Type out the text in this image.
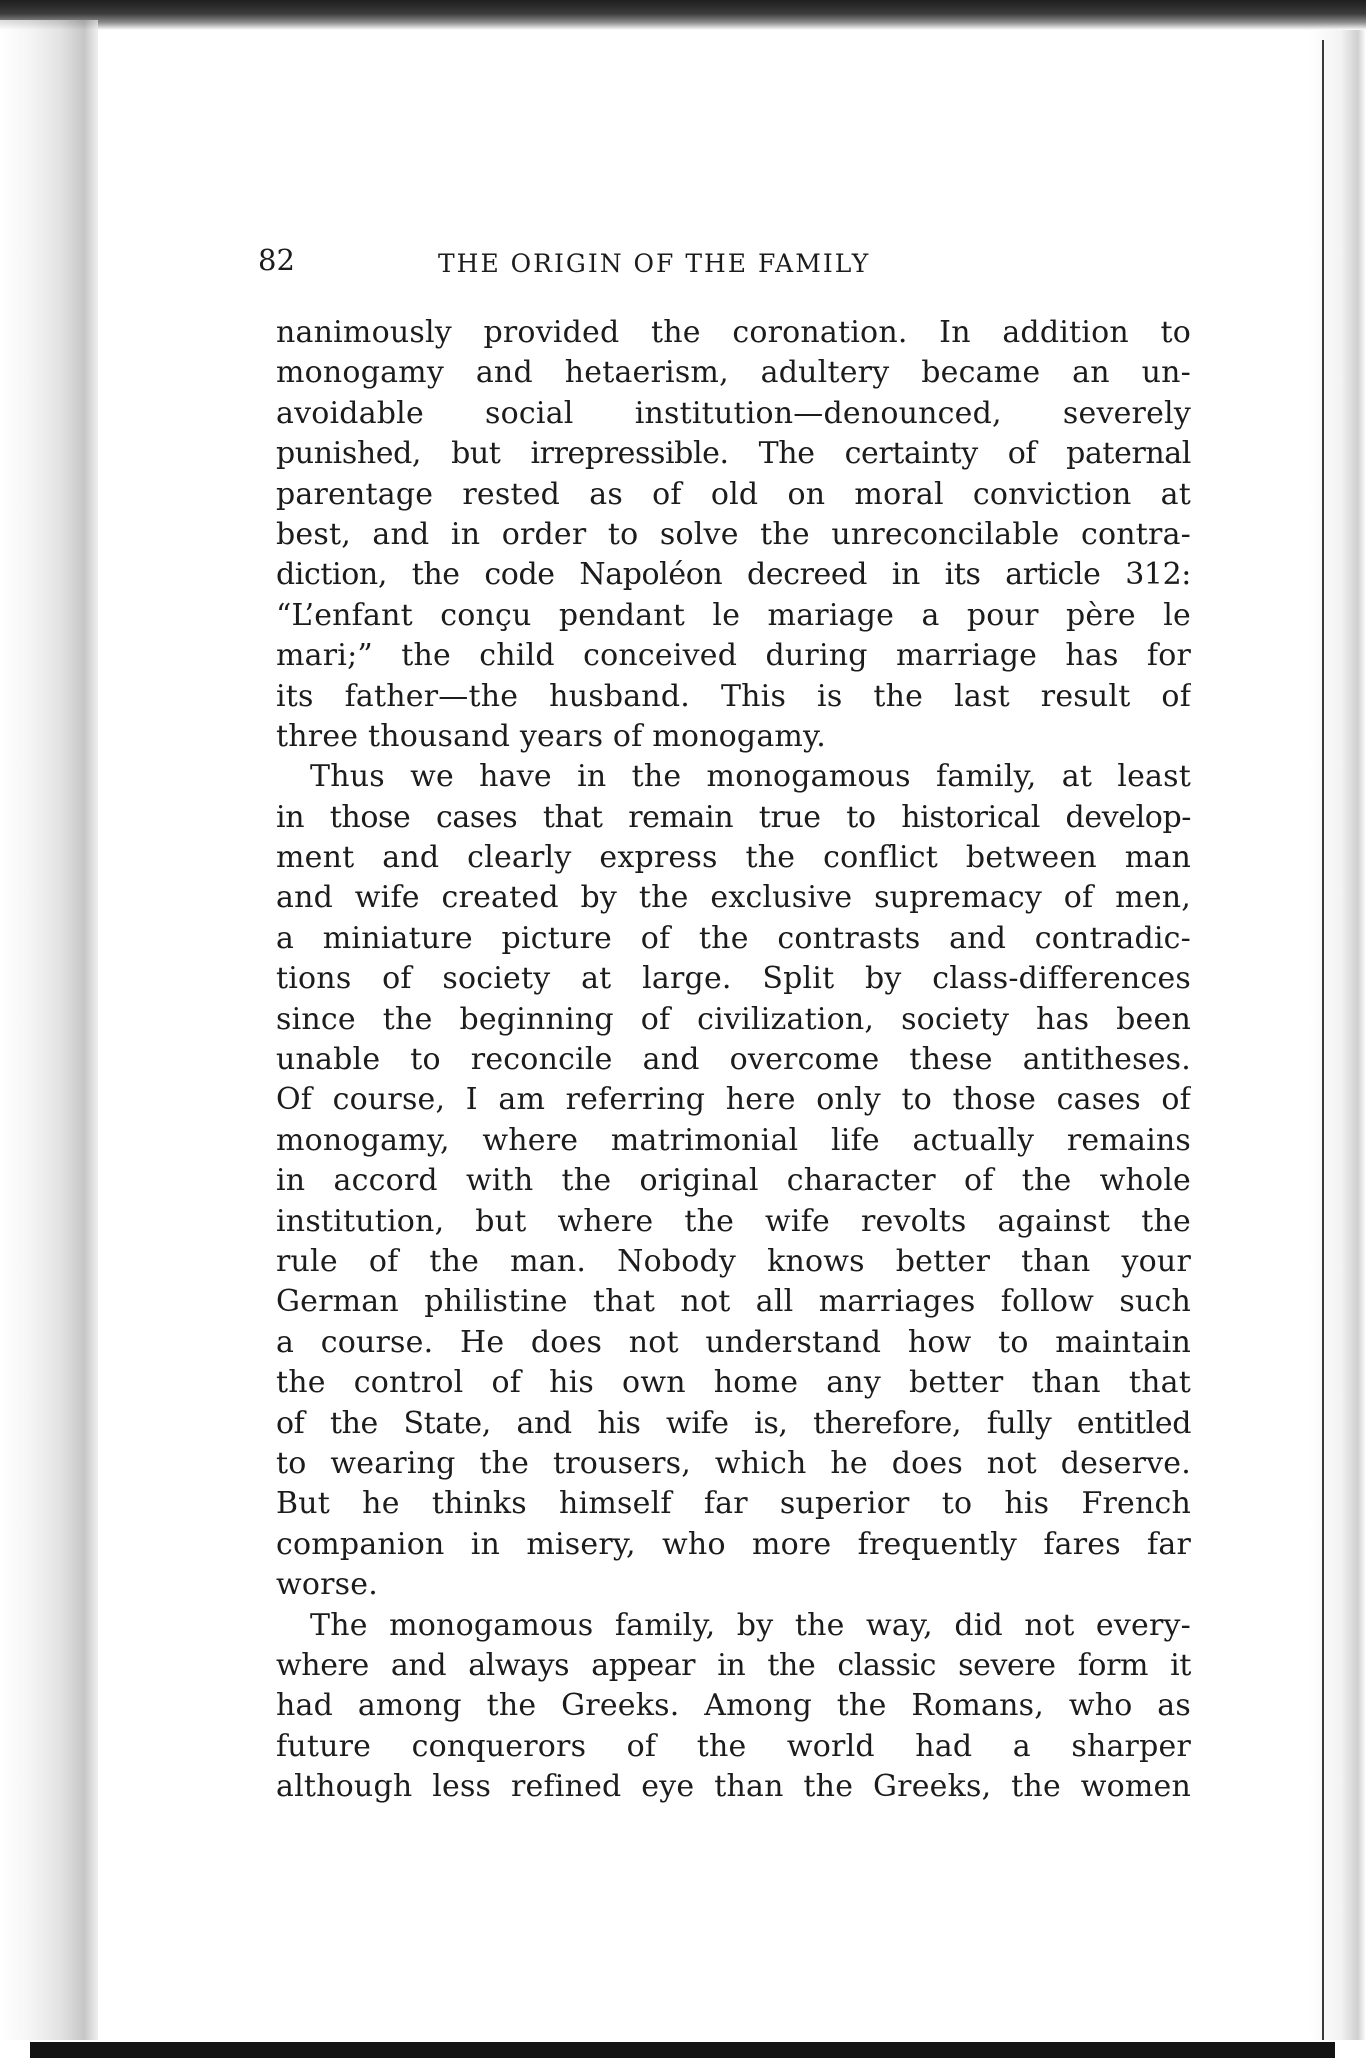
82	THE ORIGIN OF THE FAMILY
nanimously provided the coronation. In addition to
monogamy and hetaerism, adultery became an un-
avoidable social institution—denounced, severely
punished, but irrepressible. The certainty of paternal
parentage rested as of old on moral conviction at
best, and in order to solve the unreconcilable contra-
diction, the code Napoléon decreed in its article 312:
“L’enfant conçu pendant le mariage a pour père le
mari;” the child conceived during marriage has for
its father—the husband. This is the last result of
three thousand years of monogamy.
Thus we have in the monogamous family, at least
in those cases that remain true to historical develop-
ment and clearly express the conflict between man
and wife created by the exclusive supremacy of men,
a miniature picture of the contrasts and contradic-
tions of society at large. Split by class-differences
since the beginning of civilization, society has been
unable to reconcile and overcome these antitheses.
Of course, I am referring here only to those cases of
monogamy, where matrimonial life actually remains
in accord with the original character of the whole
institution, but where the wife revolts against the
rule of the man. Nobody knows better than your
German philistine that not all marriages follow such
a course. He does not understand how to maintain
the control of his own home any better than that
of the State, and his wife is, therefore, fully entitled
to wearing the trousers, which he does not deserve.
But he thinks himself far superior to his French
companion in misery, who more frequently fares far
worse.
The monogamous family, by the way, did not every-
where and always appear in the classic severe form it
had among the Greeks. Among the Romans, who as
future conquerors of the world had a sharper
although less refined eye than the Greeks, the women
